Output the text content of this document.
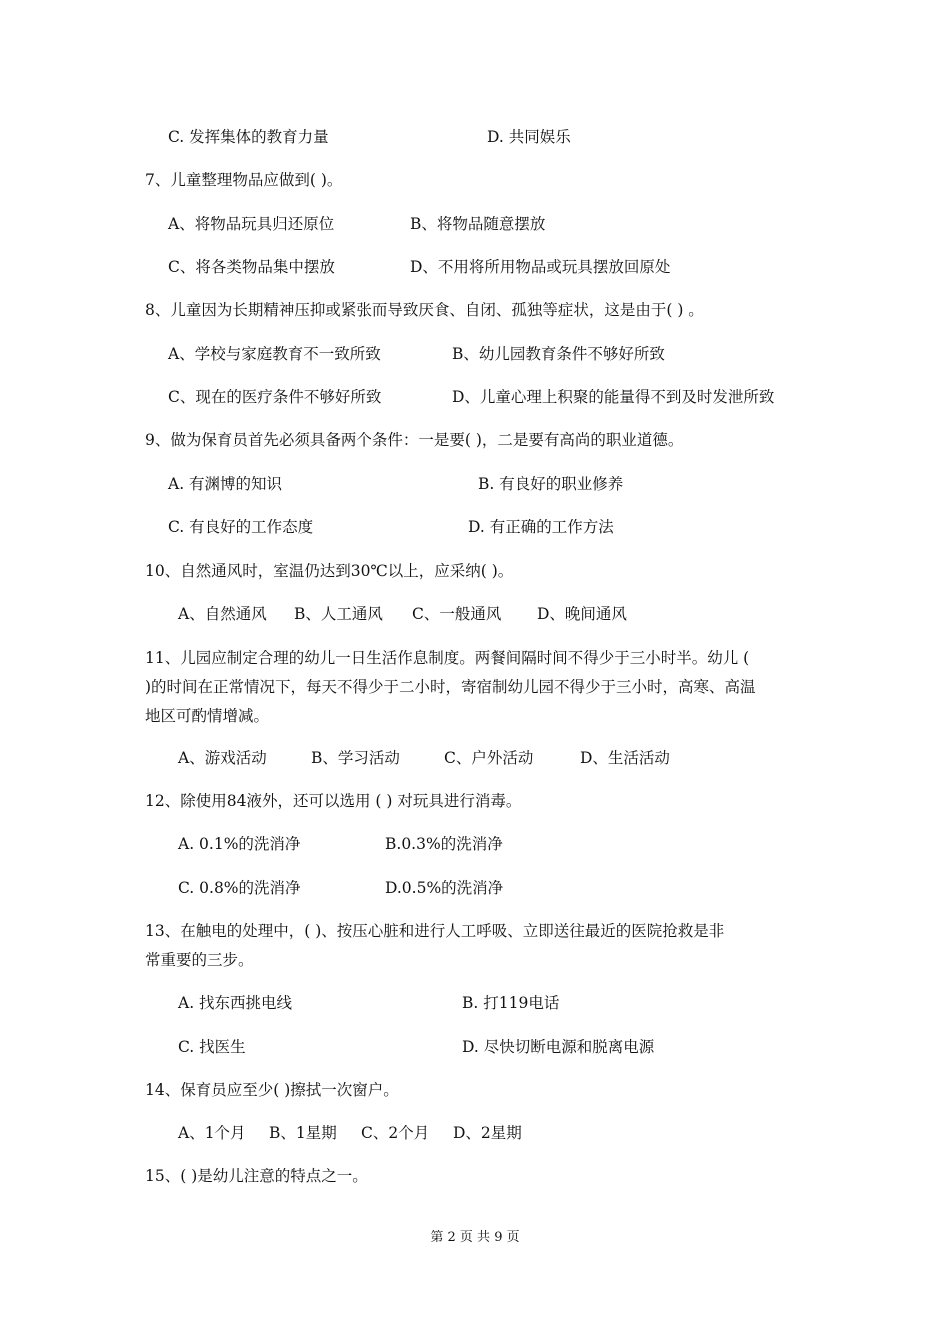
C. 发挥集体的教育力量	D. 共同娱乐
7、儿童整理物品应做到( )。
A、将物品玩具归还原位	B、将物品随意摆放
C、将各类物品集中摆放	D、不用将所用物品或玩具摆放回原处
8、儿童因为长期精神压抑或紧张而导致厌食、自闭、孤独等症状，这是由于( ) 。
A、学校与家庭教育不一致所致	B、幼儿园教育条件不够好所致
C、现在的医疗条件不够好所致	D、儿童心理上积聚的能量得不到及时发泄所致
9、做为保育员首先必须具备两个条件：一是要( )，二是要有高尚的职业道德。
A. 有渊博的知识	B. 有良好的职业修养
C. 有良好的工作态度	D. 有正确的工作方法
10、自然通风时，室温仍达到30℃以上，应采纳( )。
A、自然通风 B、人工通风 C、一般通风 D、晚间通风
11、儿园应制定合理的幼儿一日生活作息制度。两餐间隔时间不得少于三小时半。幼儿 (
)的时间在正常情况下，每天不得少于二小时，寄宿制幼儿园不得少于三小时，高寒、高温
地区可酌情增减。
A、游戏活动	B、学习活动	C、户外活动	D、生活活动
12、除使用84液外，还可以选用 ( ) 对玩具进行消毒。
A. 0.1%的洗消净	B.0.3%的洗消净
C. 0.8%的洗消净	D.0.5%的洗消净
13、在触电的处理中，( )、按压心脏和进行人工呼吸、立即送往最近的医院抢救是非
常重要的三步。
A. 找东西挑电线	B. 打119电话
C. 找医生	D. 尽快切断电源和脱离电源
14、保育员应至少( )擦拭一次窗户。
A、1个月 B、1星期 C、2个月 D、2星期
15、( )是幼儿注意的特点之一。
第 2 页 共 9 页
